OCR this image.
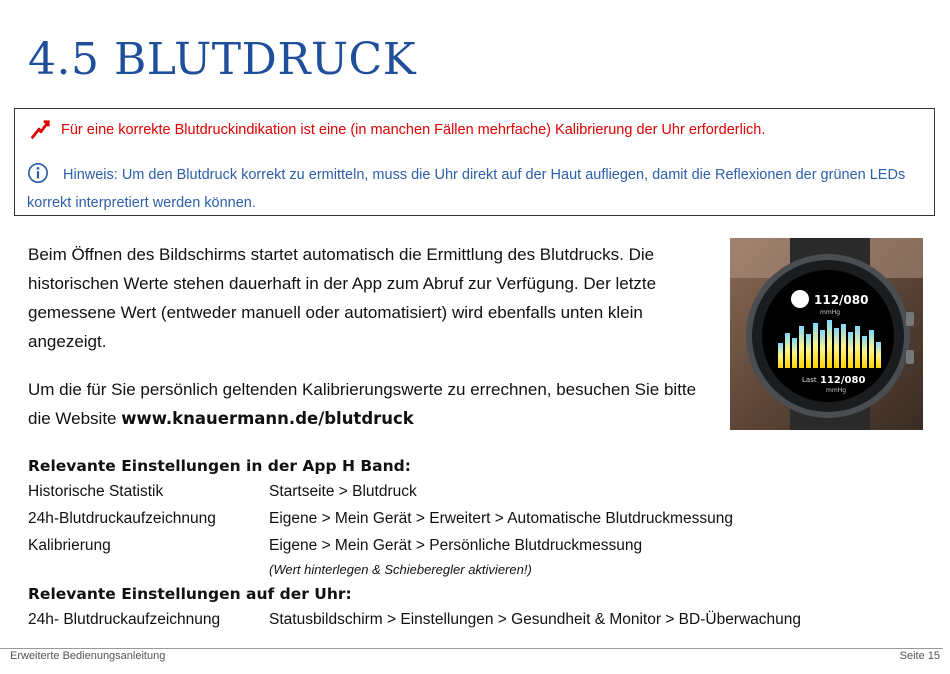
4.5 BLUTDRUCK
Für eine korrekte Blutdruckindikation ist eine (in manchen Fällen mehrfache) Kalibrierung der Uhr erforderlich.
Hinweis: Um den Blutdruck korrekt zu ermitteln, muss die Uhr direkt auf der Haut aufliegen, damit die Reflexionen der grünen LEDs korrekt interpretiert werden können.
Beim Öffnen des Bildschirms startet automatisch die Ermittlung des Blutdrucks. Die historischen Werte stehen dauerhaft in der App zum Abruf zur Verfügung. Der letzte gemessene Wert (entweder manuell oder automatisiert) wird ebenfalls unten klein angezeigt.
Um die für Sie persönlich geltenden Kalibrierungswerte zu errechnen, besuchen Sie bitte die Website www.knauermann.de/blutdruck
112/080
mmHg
Last 112/080
mmHg
Relevante Einstellungen in der App H Band:
Historische Statistik	Startseite > Blutdruck
24h-Blutdruckaufzeichnung	Eigene > Mein Gerät > Erweitert > Automatische Blutdruckmessung
Kalibrierung	Eigene > Mein Gerät > Persönliche Blutdruckmessung
(Wert hinterlegen & Schieberegler aktivieren!)
Relevante Einstellungen auf der Uhr:
24h- Blutdruckaufzeichnung	Statusbildschirm > Einstellungen > Gesundheit & Monitor > BD-Überwachung
Erweiterte Bedienungsanleitung	Seite 15
